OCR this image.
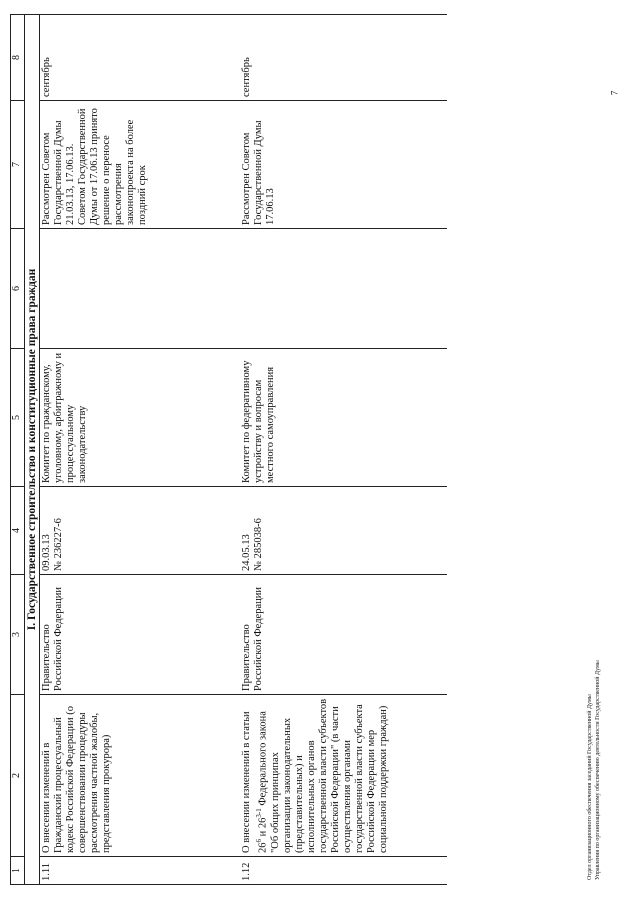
1	2	3	4	5	6	7	8
I. Государственное строительство и конституционные права граждан							
1.11	О внесении изменений в Гражданский процессуальный кодекс Российской Федерации (о совершенствовании процедуры рассмотрения частной жалобы, представления прокурора)	Правительство Российской Федерации	09.03.13 № 236227-6	Комитет по гражданскому, уголовному, арбитражному и процессуальному законодательству		Рассмотрен Советом Государственной Думы 21.03.13, 17.06.13. Советом Государственной Думы от 17.06.13 принято решение о переносе рассмотрения законопроекта на более поздний срок	сентябрь
1.12	О внесении изменений в статьи $26^6$ и 26$^{3-1}$ Федерального закона "Об общих принципах организации законодательных (представительных) и исполнительных органов государственной власти субъектов Российской Федерации" (в части осуществления органами государственной власти субъекта Российской Федерации мер социальной поддержки граждан)	Правительство Российской Федерации	24.05.13 № 285038-6	Комитет по федеративному устройству и вопросам местного самоуправления		Рассмотрен Советом Государственной Думы 17.06.13	сентябрь
Отдел организационного обеспечения заседаний Государственной Думы Управления по организационному обеспечению деятельности Государственной Думы
7
